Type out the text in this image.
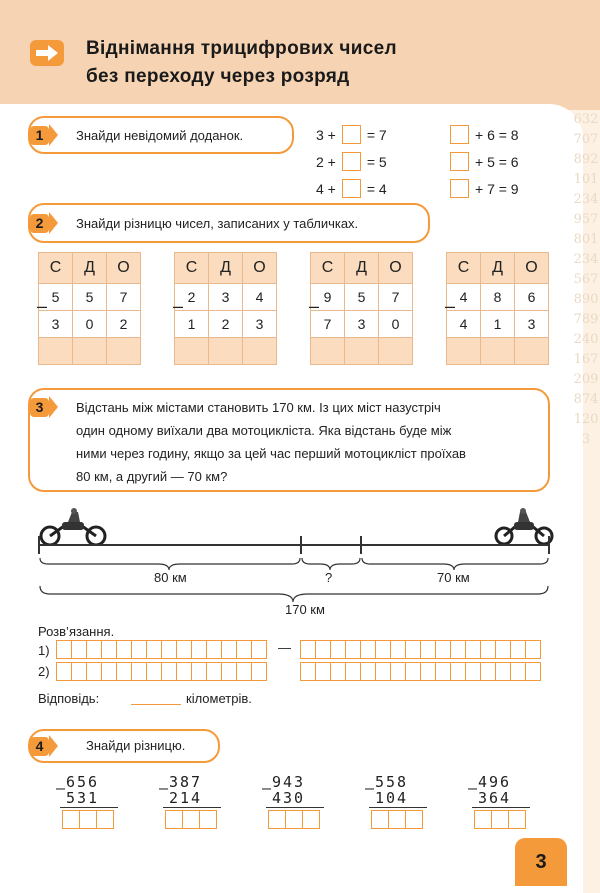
6327078921012349578012345678907892401672098741203
Віднімання трицифрових чисел
без переходу через розряд
1	Знайди невідомий доданок.	3 + = 7
2 + = 5
4 + = 4
+ 6 = 8
+ 5 = 6
+ 7 = 9
2	Знайди різницю чисел, записаних у табличках.
С	Д	О
5	5	7
3	0	2

–
С	Д	О
2	3	4
1	2	3

–
С	Д	О
9	5	7
7	3	0

–
С	Д	О
4	8	6
4	1	3

–
3	Відстань між містами становить 170 км. Із цих міст назустріч
один одному виїхали два мотоцикліста. Яка відстань буде між
ними через годину, якщо за цей час перший мотоцикліст проїхав
80 км, а другий — 70 км?
80 км	?	70 км
170 км
Розв’язання.
1)
2)
—
Відповідь:	кілометрів.
4	Знайди різницю.
–
656
531
–
387
214
–
943
430
–
558
104
–
496
364
3
